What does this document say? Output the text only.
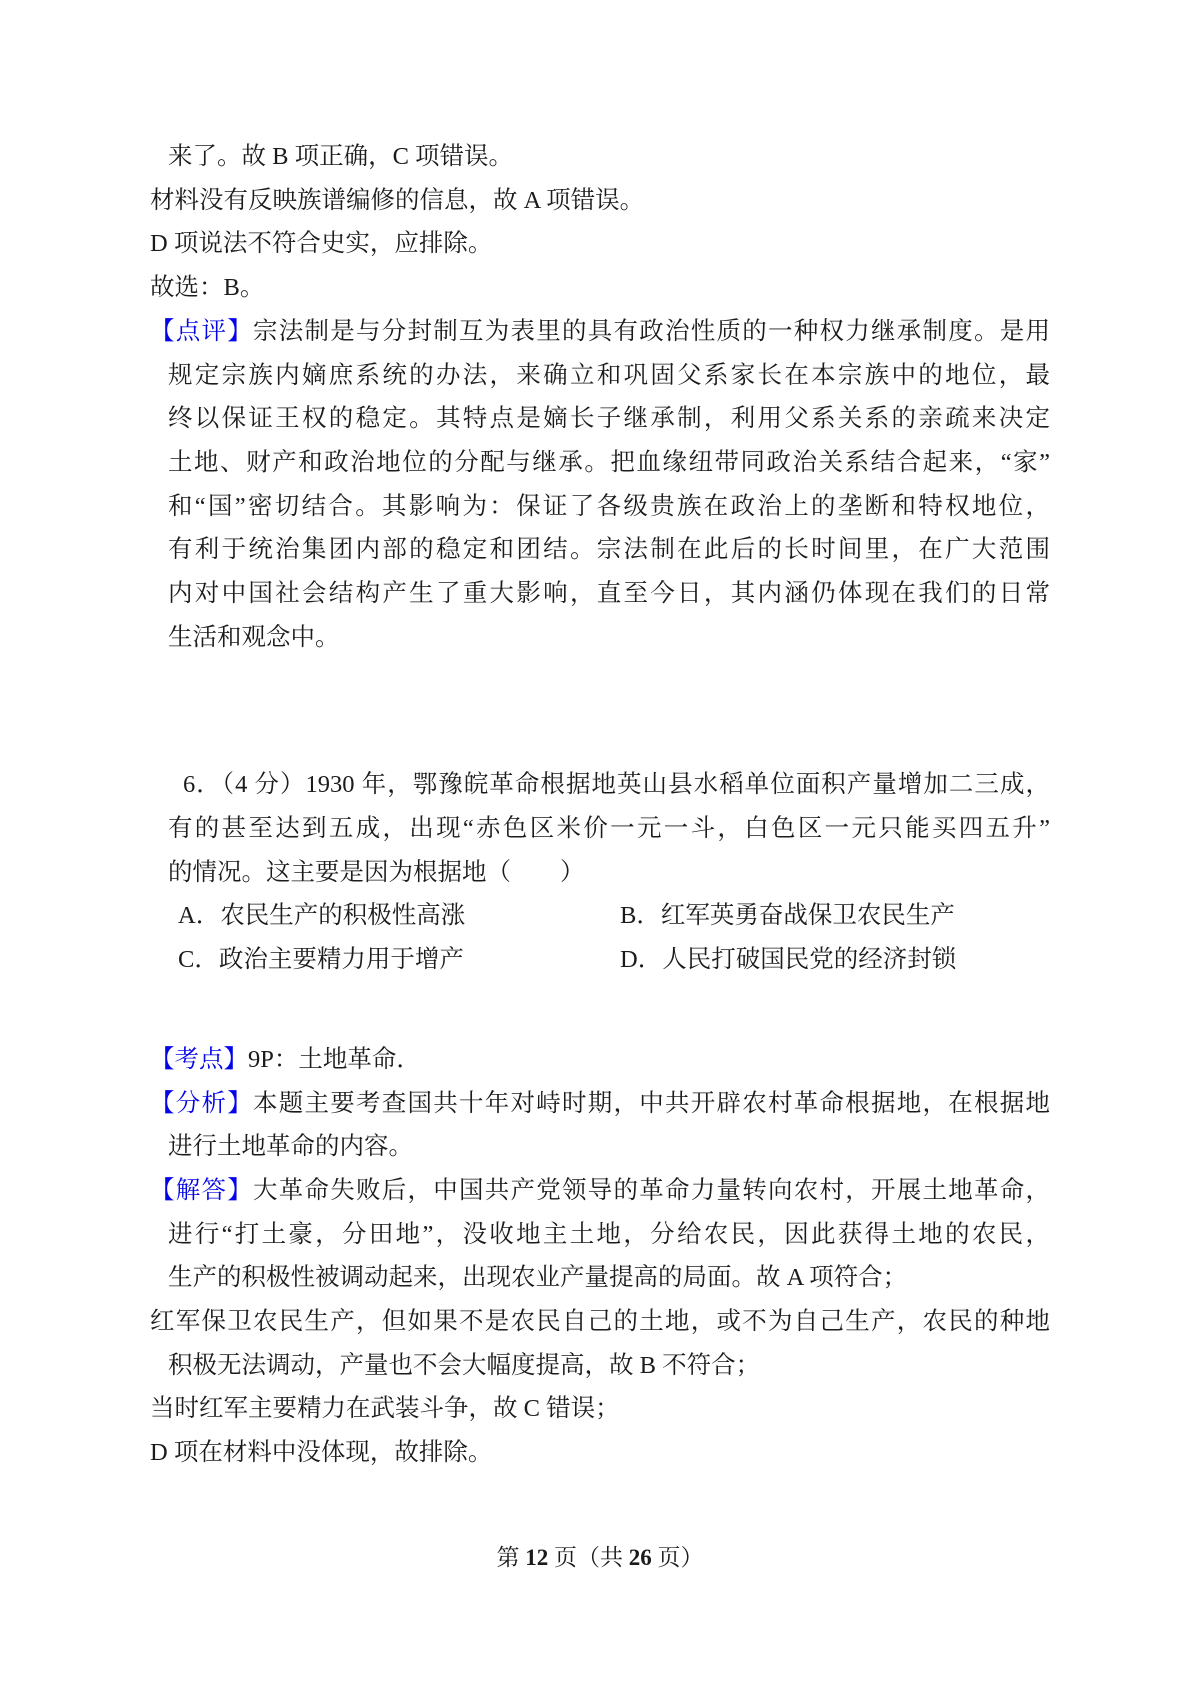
来了。故 B 项正确，C 项错误。
材料没有反映族谱编修的信息，故 A 项错误。
D 项说法不符合史实，应排除。
故选：B。
【点评】宗法制是与分封制互为表里的具有政治性质的一种权力继承制度。是用
规定宗族内嫡庶系统的办法，来确立和巩固父系家长在本宗族中的地位，最
终以保证王权的稳定。其特点是嫡长子继承制，利用父系关系的亲疏来决定
土地、财产和政治地位的分配与继承。把血缘纽带同政治关系结合起来，“家”
和“国”密切结合。其影响为：保证了各级贵族在政治上的垄断和特权地位，
有利于统治集团内部的稳定和团结。宗法制在此后的长时间里，在广大范围
内对中国社会结构产生了重大影响，直至今日，其内涵仍体现在我们的日常
生活和观念中。
6．（4 分）1930 年，鄂豫皖革命根据地英山县水稻单位面积产量增加二三成，
有的甚至达到五成，出现“赤色区米价一元一斗，白色区一元只能买四五升”
的情况。这主要是因为根据地（　　）
A．农民生产的积极性高涨	B．红军英勇奋战保卫农民生产
C．政治主要精力用于增产	D．人民打破国民党的经济封锁
【考点】9P：土地革命．
【分析】本题主要考查国共十年对峙时期，中共开辟农村革命根据地，在根据地
进行土地革命的内容。
【解答】大革命失败后，中国共产党领导的革命力量转向农村，开展土地革命，
进行“打土豪，分田地”，没收地主土地，分给农民，因此获得土地的农民，
生产的积极性被调动起来，出现农业产量提高的局面。故 A 项符合；
红军保卫农民生产，但如果不是农民自己的土地，或不为自己生产，农民的种地
积极无法调动，产量也不会大幅度提高，故 B 不符合；
当时红军主要精力在武装斗争，故 C 错误；
D 项在材料中没体现，故排除。
第 12 页（共 26 页）
